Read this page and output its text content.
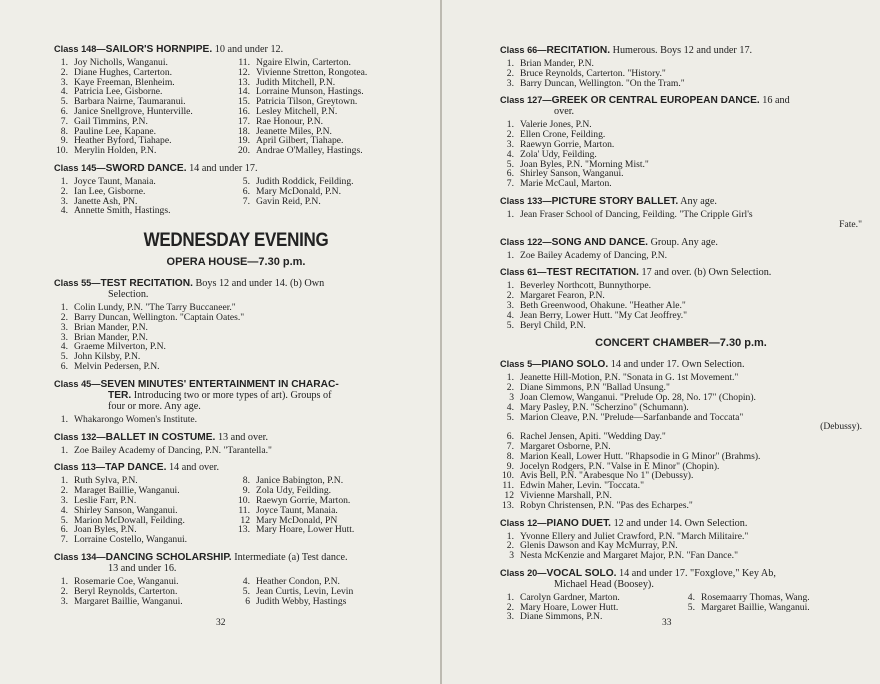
Class 148—SAILOR'S HORNPIPE. 10 and under 12.

1. Joy Nicholls, Wanganui.
2. Diane Hughes, Carterton.
3. Kaye Freeman, Blenheim.
4. Patricia Lee, Gisborne.
5. Barbara Nairne, Taumaranui.
6. Janice Snellgrove, Hunterville.
7. Gail Timmins, P.N.
8. Pauline Lee, Kapane.
9. Heather Byford, Tiahape.
10. Merylin Holden, P.N.
11. Ngaire Elwin, Carterton.
12. Vivienne Stretton, Rongotea.
13. Judith Mitchell, P.N.
14. Lorraine Munson, Hastings.
15. Patricia Tilson, Greytown.
16. Lesley Mitchell, P.N.
17. Rae Honour, P.N.
18. Jeanette Miles, P.N.
19. April Gilbert, Tiahape.
20. Andrae O'Malley, Hastings.

Class 145—SWORD DANCE. 14 and under 17.

1. Joyce Taunt, Manaia.
2. Ian Lee, Gisborne.
3. Janette Ash, PN.
4. Annette Smith, Hastings.
5. Judith Roddick, Feilding.
6. Mary McDonald, P.N.
7. Gavin Reid, P.N.
WEDNESDAY EVENING
OPERA HOUSE—7.30 p.m.

Class 55—TEST RECITATION. Boys 12 and under 14. (b) Own
Selection.

1. Colin Lundy, P.N. "The Tarry Buccaneer."
2. Barry Duncan, Wellington. "Captain Oates."
3. Brian Mander, P.N.
3. Brian Mander, P.N.
4. Graeme Milverton, P.N.
5. John Kilsby, P.N.
6. Melvin Pedersen, P.N.

Class 45—SEVEN MINUTES' ENTERTAINMENT IN CHARAC-
TER. Introducing two or more types of art). Groups of
four or more. Any age.

1. Whakarongo Women's Institute.

Class 132—BALLET IN COSTUME. 13 and over.

1. Zoe Bailey Academy of Dancing, P.N. "Tarantella."

Class 113—TAP DANCE. 14 and over.

1. Ruth Sylva, P.N.
2. Maraget Baillie, Wanganui.
3. Leslie Farr, P.N.
4. Shirley Sanson, Wanganui.
5. Marion McDowall, Feilding.
6. Joan Byles, P.N.
7. Lorraine Costello, Wanganui.
8. Janice Babington, P.N.
9. Zola Udy, Feilding.
10. Raewyn Gorrie, Marton.
11. Joyce Taunt, Manaia.
12 Mary McDonald, PN
13. Mary Hoare, Lower Hutt.

Class 134—DANCING SCHOLARSHIP. Intermediate (a) Test dance.
13 and under 16.

1. Rosemarie Coe, Wanganui.
2. Beryl Reynolds, Carterton.
3. Margaret Baillie, Wanganui.
4. Heather Condon, P.N.
5. Jean Curtis, Levin, Levin
6 Judith Webby, Hastings
32

Class 66—RECITATION. Humerous. Boys 12 and under 17.

1. Brian Mander, P.N.
2. Bruce Reynolds, Carterton. "History."
3. Barry Duncan, Wellington. "On the Tram."

Class 127—GREEK OR CENTRAL EUROPEAN DANCE. 16 and
over.

1. Valerie Jones, P.N.
2. Ellen Crone, Feilding.
3. Raewyn Gorrie, Marton.
4. Zola' Udy, Feilding.
5. Joan Byles, P.N. "Morning Mist."
6. Shirley Sanson, Wanganui.
7. Marie McCaul, Marton.

Class 133—PICTURE STORY BALLET. Any age.

1. Jean Fraser School of Dancing, Feilding. "The Cripple Girl's
Fate."

Class 122—SONG AND DANCE. Group. Any age.

1. Zoe Bailey Academy of Dancing, P.N.

Class 61—TEST RECITATION. 17 and over. (b) Own Selection.

1. Beverley Northcott, Bunnythorpe.
2. Margaret Fearon, P.N.
3. Beth Greenwood, Ohakune. "Heather Ale."
4. Jean Berry, Lower Hutt. "My Cat Jeoffrey."
5. Beryl Child, P.N.
CONCERT CHAMBER—7.30 p.m.

Class 5—PIANO SOLO. 14 and under 17. Own Selection.

1. Jeanette Hill-Motion, P.N. "Sonata in G. 1st Movement."
2. Diane Simmons, P.N "Ballad Unsung."
3 Joan Clemow, Wanganui. "Prelude Op. 28, No. 17" (Chopin).
4. Mary Pasley, P.N. "Scherzino" (Schumann).
5. Marion Cleave, P.N. "Prelude—Sarfanbande and Toccata"
(Debussy).
6. Rachel Jensen, Apiti. "Wedding Day."
7. Margaret Osborne, P.N.
8. Marion Keall, Lower Hutt. "Rhapsodie in G Minor" (Brahms).
9. Jocelyn Rodgers, P.N. "Valse in E Minor" (Chopin).
10. Avis Bell, P.N. "Arabesque No 1" (Debussy).
11. Edwin Maher, Levin. "Toccata."
12 Vivienne Marshall, P.N.
13. Robyn Christensen, P.N. "Pas des Echarpes."

Class 12—PIANO DUET. 12 and under 14. Own Selection.

1. Yvonne Ellery and Juliet Crawford, P.N. "March Militaire."
2. Glenis Dawson and Kay McMurray, P.N.
3 Nesta McKenzie and Margaret Major, P.N. "Fan Dance."

Class 20—VOCAL SOLO. 14 and under 17. "Foxglove," Key Ab,
Michael Head (Boosey).

1. Carolyn Gardner, Marton.
2. Mary Hoare, Lower Hutt.
3. Diane Simmons, P.N.
4. Rosemaarry Thomas, Wang.
5. Margaret Baillie, Wanganui.
33
